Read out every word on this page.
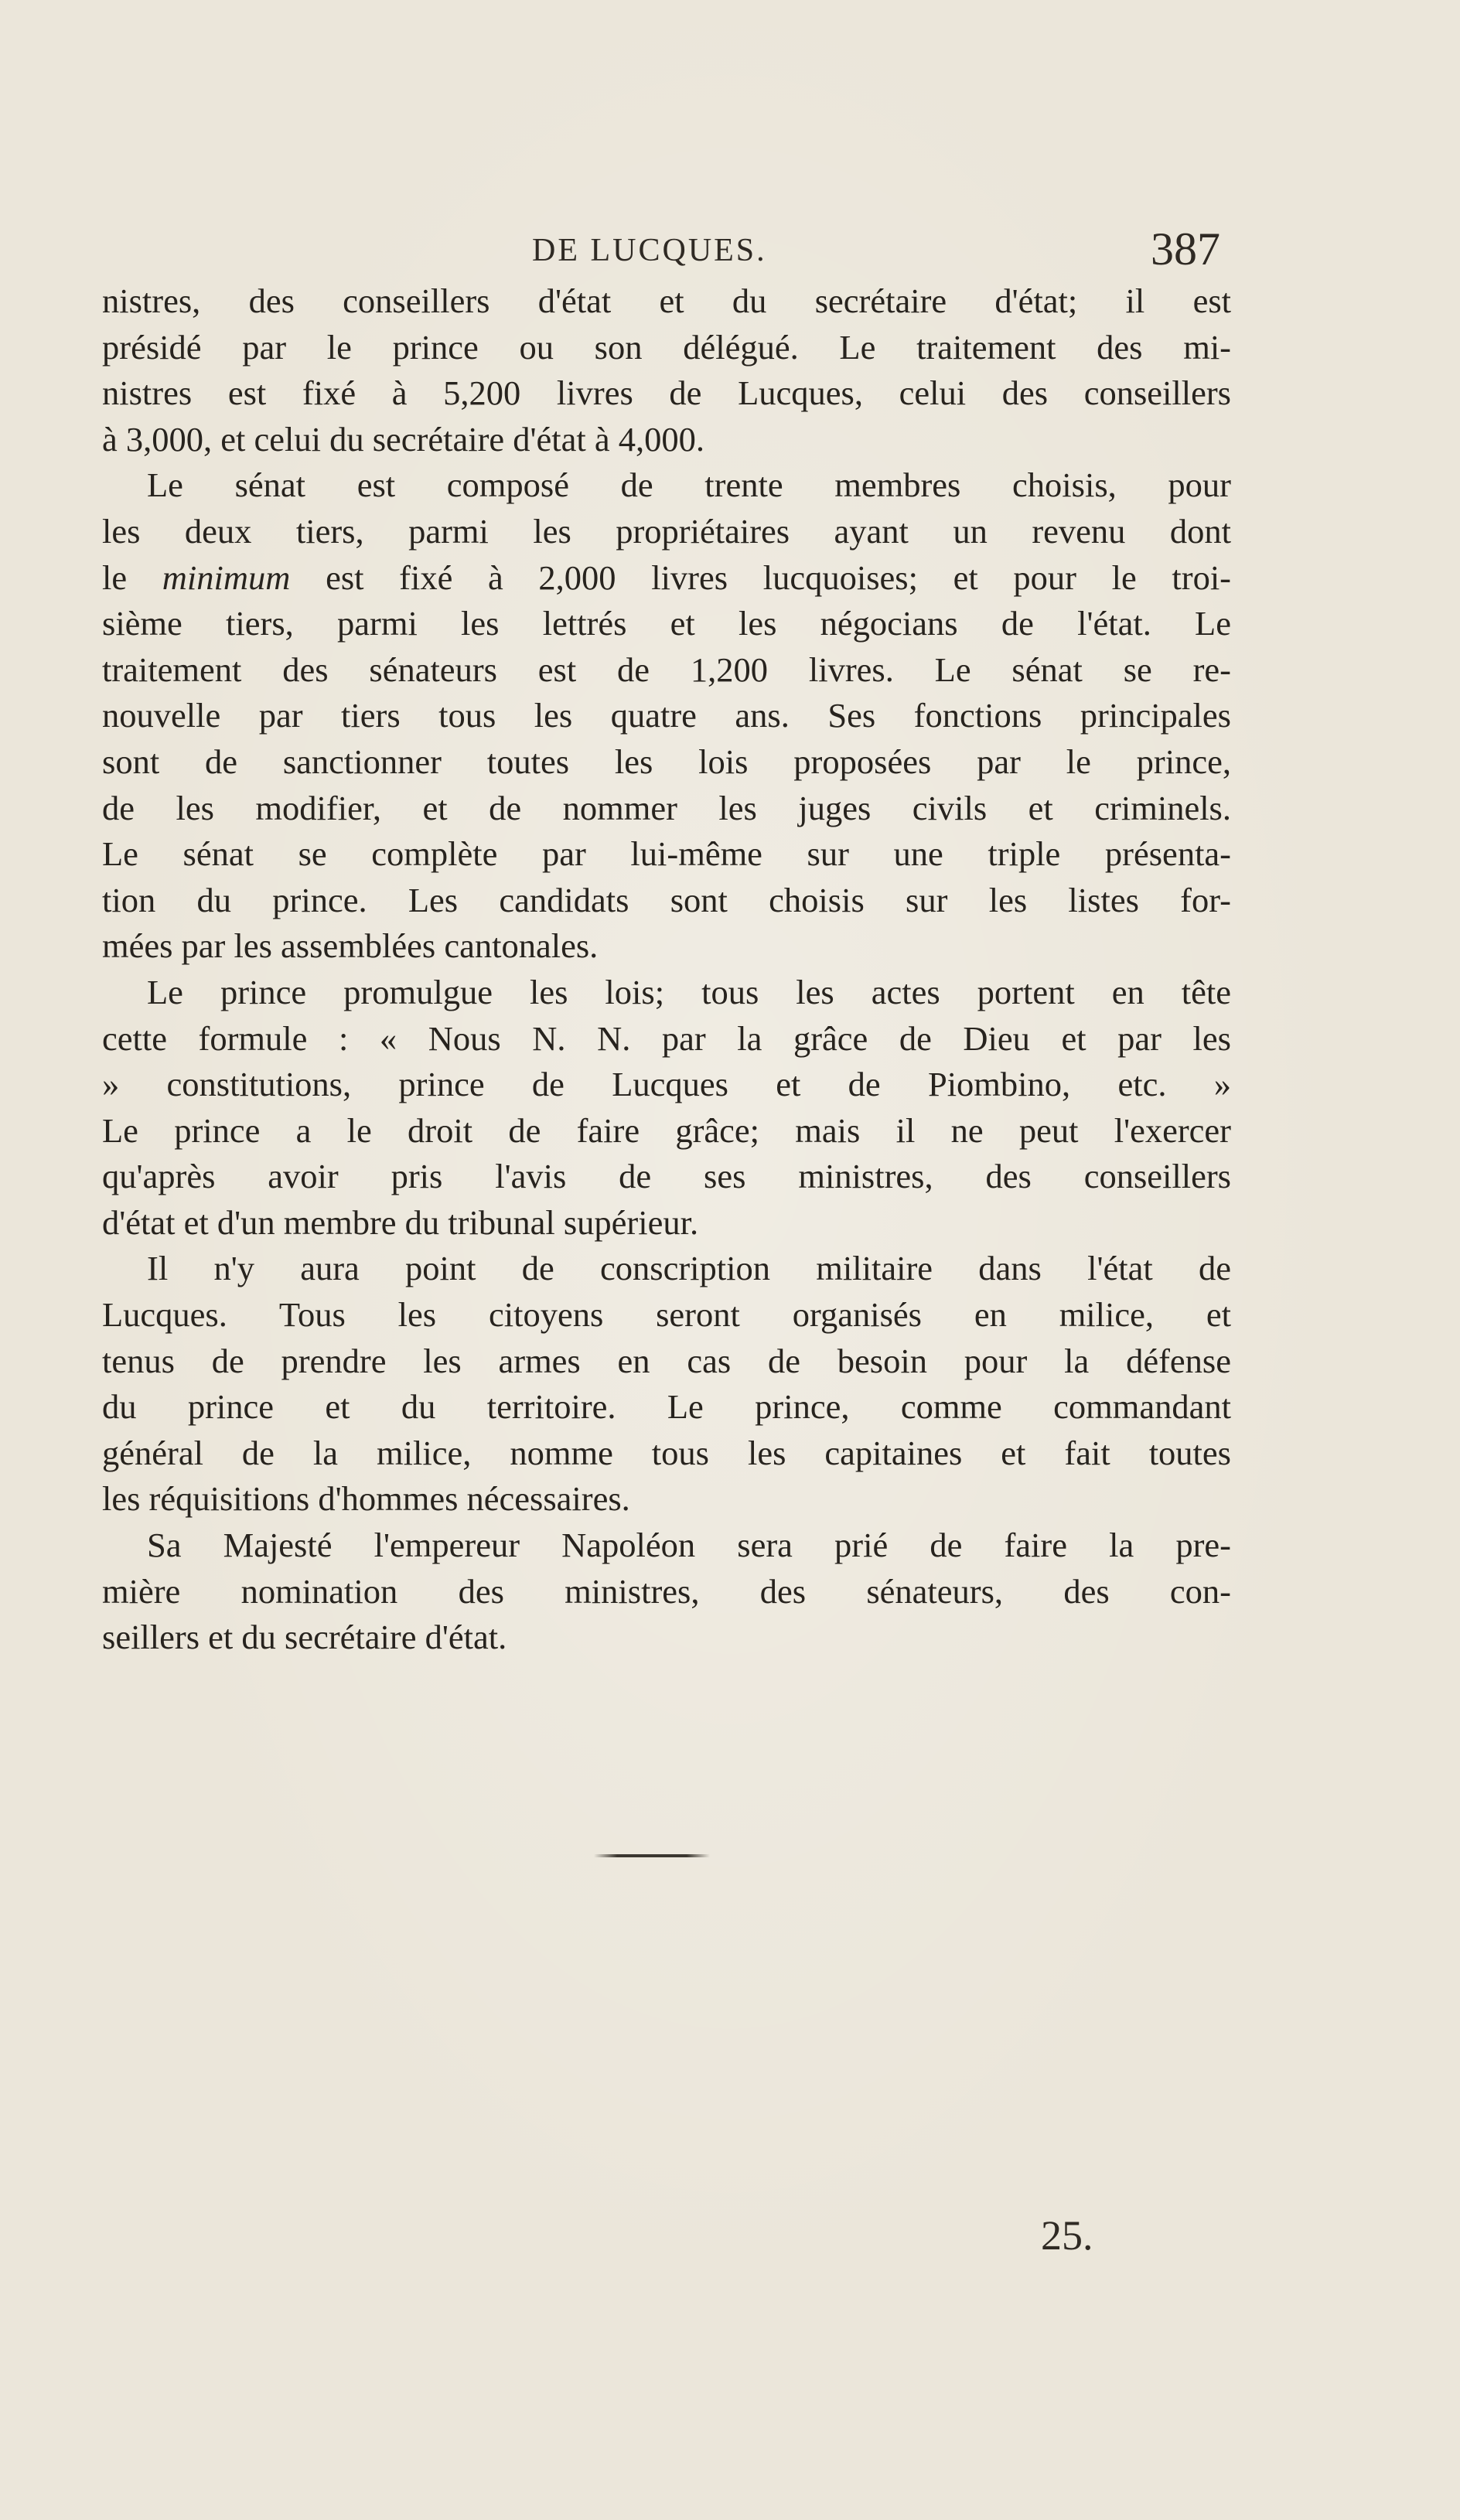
DE LUCQUES.	387
nistres, des conseillers d'état et du secrétaire d'état; il est
présidé par le prince ou son délégué. Le traitement des mi-
nistres est fixé à 5,200 livres de Lucques, celui des conseillers
à 3,000, et celui du secrétaire d'état à 4,000.
Le sénat est composé de trente membres choisis, pour
les deux tiers, parmi les propriétaires ayant un revenu dont
le minimum est fixé à 2,000 livres lucquoises; et pour le troi-
sième tiers, parmi les lettrés et les négocians de l'état. Le
traitement des sénateurs est de 1,200 livres. Le sénat se re-
nouvelle par tiers tous les quatre ans. Ses fonctions principales
sont de sanctionner toutes les lois proposées par le prince,
de les modifier, et de nommer les juges civils et criminels.
Le sénat se complète par lui-même sur une triple présenta-
tion du prince. Les candidats sont choisis sur les listes for-
mées par les assemblées cantonales.
Le prince promulgue les lois; tous les actes portent en tête
cette formule : « Nous N. N. par la grâce de Dieu et par les
» constitutions, prince de Lucques et de Piombino, etc. »
Le prince a le droit de faire grâce; mais il ne peut l'exercer
qu'après avoir pris l'avis de ses ministres, des conseillers
d'état et d'un membre du tribunal supérieur.
Il n'y aura point de conscription militaire dans l'état de
Lucques. Tous les citoyens seront organisés en milice, et
tenus de prendre les armes en cas de besoin pour la défense
du prince et du territoire. Le prince, comme commandant
général de la milice, nomme tous les capitaines et fait toutes
les réquisitions d'hommes nécessaires.
Sa Majesté l'empereur Napoléon sera prié de faire la pre-
mière nomination des ministres, des sénateurs, des con-
seillers et du secrétaire d'état.
25.
